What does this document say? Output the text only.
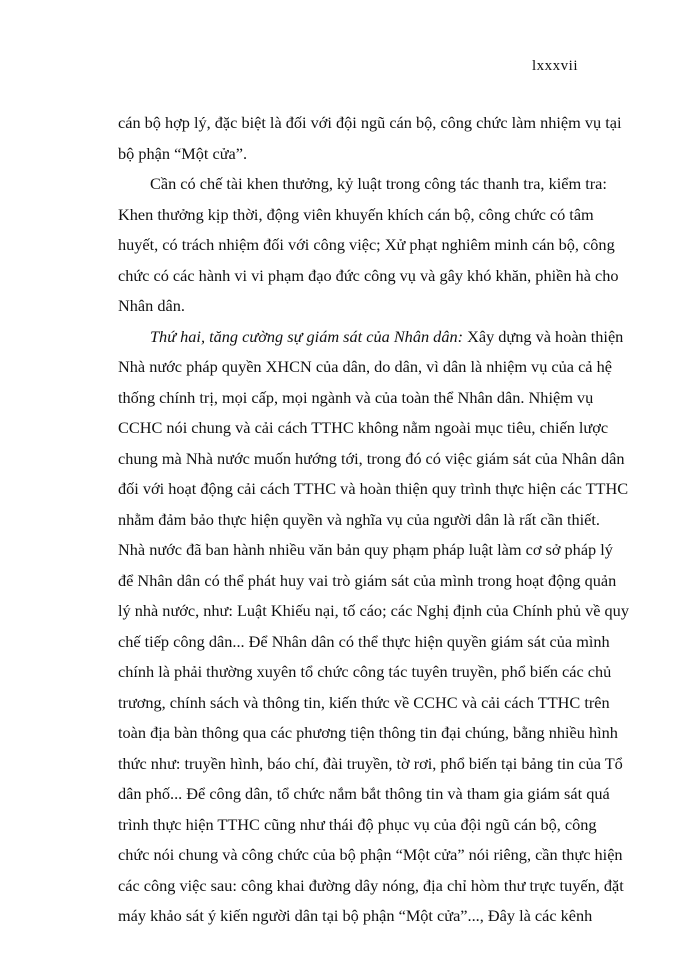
lxxxvii
cán bộ hợp lý, đặc biệt là đối với đội ngũ cán bộ, công chức làm nhiệm vụ tại
bộ phận “Một cửa”.
Cần có chế tài khen thưởng, kỷ luật trong công tác thanh tra, kiểm tra:
Khen thưởng kịp thời, động viên khuyến khích cán bộ, công chức có tâm
huyết, có trách nhiệm đối với công việc; Xử phạt nghiêm minh cán bộ, công
chức có các hành vi vi phạm đạo đức công vụ và gây khó khăn, phiền hà cho
Nhân dân.
Thứ hai, tăng cường sự giám sát của Nhân dân: Xây dựng và hoàn thiện
Nhà nước pháp quyền XHCN của dân, do dân, vì dân là nhiệm vụ của cả hệ
thống chính trị, mọi cấp, mọi ngành và của toàn thể Nhân dân. Nhiệm vụ
CCHC nói chung và cải cách TTHC không nằm ngoài mục tiêu, chiến lược
chung mà Nhà nước muốn hướng tới, trong đó có việc giám sát của Nhân dân
đối với hoạt động cải cách TTHC và hoàn thiện quy trình thực hiện các TTHC
nhằm đảm bảo thực hiện quyền và nghĩa vụ của người dân là rất cần thiết.
Nhà nước đã ban hành nhiều văn bản quy phạm pháp luật làm cơ sở pháp lý
để Nhân dân có thể phát huy vai trò giám sát của mình trong hoạt động quản
lý nhà nước, như: Luật Khiếu nại, tố cáo; các Nghị định của Chính phủ về quy
chế tiếp công dân... Để Nhân dân có thể thực hiện quyền giám sát của mình
chính là phải thường xuyên tổ chức công tác tuyên truyền, phổ biến các chủ
trương, chính sách và thông tin, kiến thức về CCHC và cải cách TTHC trên
toàn địa bàn thông qua các phương tiện thông tin đại chúng, bằng nhiều hình
thức như: truyền hình, báo chí, đài truyền, tờ rơi, phổ biến tại bảng tin của Tổ
dân phố... Để công dân, tổ chức nắm bắt thông tin và tham gia giám sát quá
trình thực hiện TTHC cũng như thái độ phục vụ của đội ngũ cán bộ, công
chức nói chung và công chức của bộ phận “Một cửa” nói riêng, cần thực hiện
các công việc sau: công khai đường dây nóng, địa chỉ hòm thư trực tuyến, đặt
máy khảo sát ý kiến người dân tại bộ phận “Một cửa”..., Đây là các kênh
